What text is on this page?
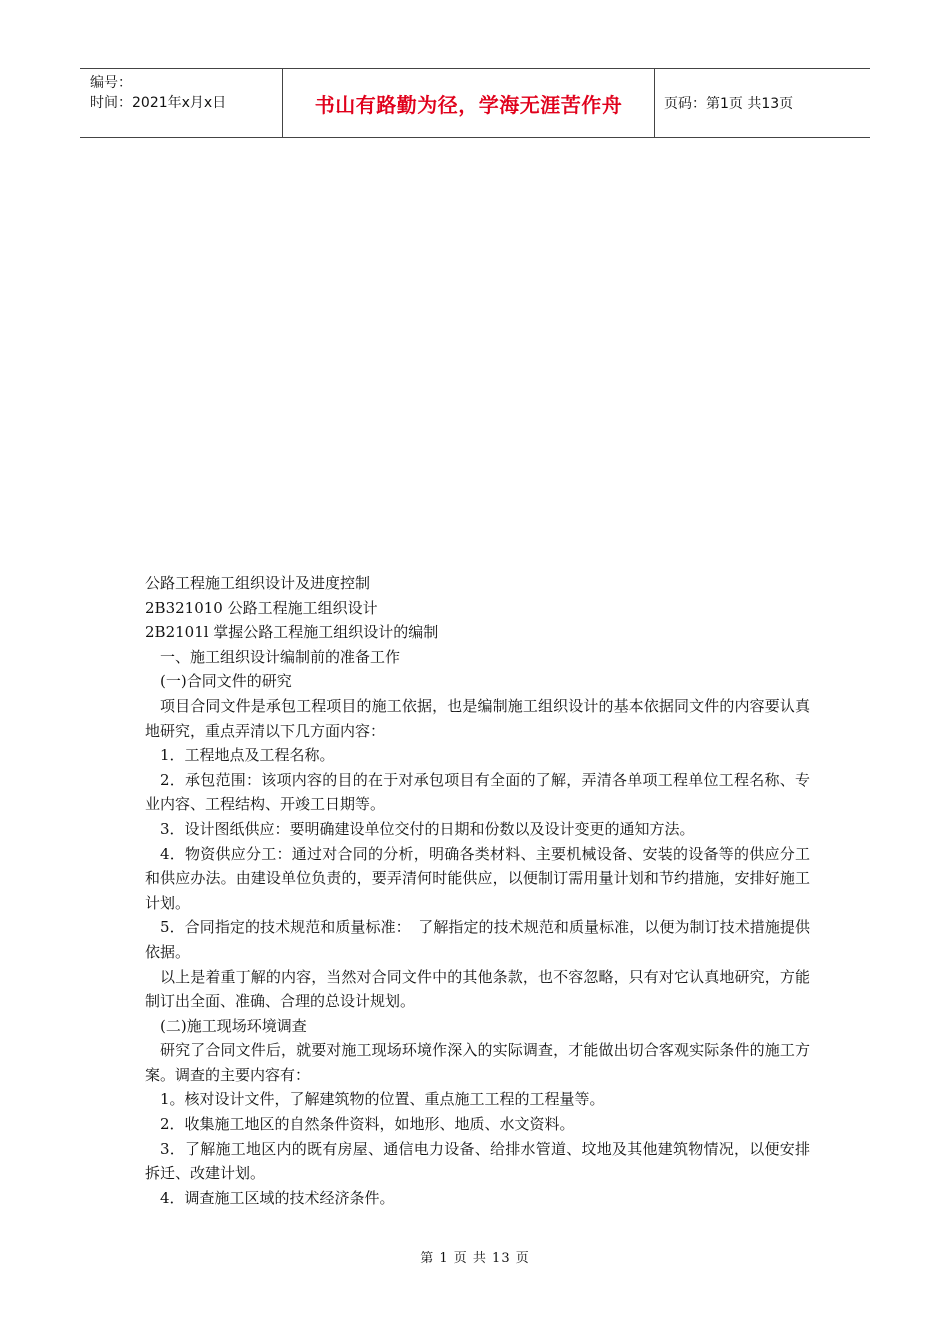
编号：
时间：2021年x月x日	书山有路勤为径，学海无涯苦作舟	页码：第1页 共13页

公路工程施工组织设计及进度控制

2B321010 公路工程施工组织设计

2B2101l 掌握公路工程施工组织设计的编制

一、施工组织设计编制前的准备工作

(一)合同文件的研究

项目合同文件是承包工程项目的施工依据，也是编制施工组织设计的基本依据同文件的内容要认真地研究，重点弄清以下几方面内容：

1．工程地点及工程名称。

2．承包范围：该项内容的目的在于对承包项目有全面的了解，弄清各单项工程单位工程名称、专业内容、工程结构、开竣工日期等。

3．设计图纸供应：要明确建设单位交付的日期和份数以及设计变更的通知方法。

4．物资供应分工：通过对合同的分析，明确各类材料、主要机械设备、安装的设备等的供应分工和供应办法。由建设单位负责的，要弄清何时能供应，以便制订需用量计划和节约措施，安排好施工计划。

5．合同指定的技术规范和质量标准：　了解指定的技术规范和质量标准，以便为制订技术措施提供依据。

以上是着重丁解的内容，当然对合同文件中的其他条款，也不容忽略，只有对它认真地研究，方能制订出全面、准确、合理的总设计规划。

(二)施工现场环境调查

研究了合同文件后，就要对施工现场环境作深入的实际调查，才能做出切合客观实际条件的施工方案。调查的主要内容有：

1。核对设计文件，了解建筑物的位置、重点施工工程的工程量等。

2．收集施工地区的自然条件资料，如地形、地质、水文资料。

3．了解施工地区内的既有房屋、通信电力设备、给排水管道、坟地及其他建筑物情况，以便安排拆迁、改建计划。

4．调查施工区域的技术经济条件。

第 1 页 共 13 页
